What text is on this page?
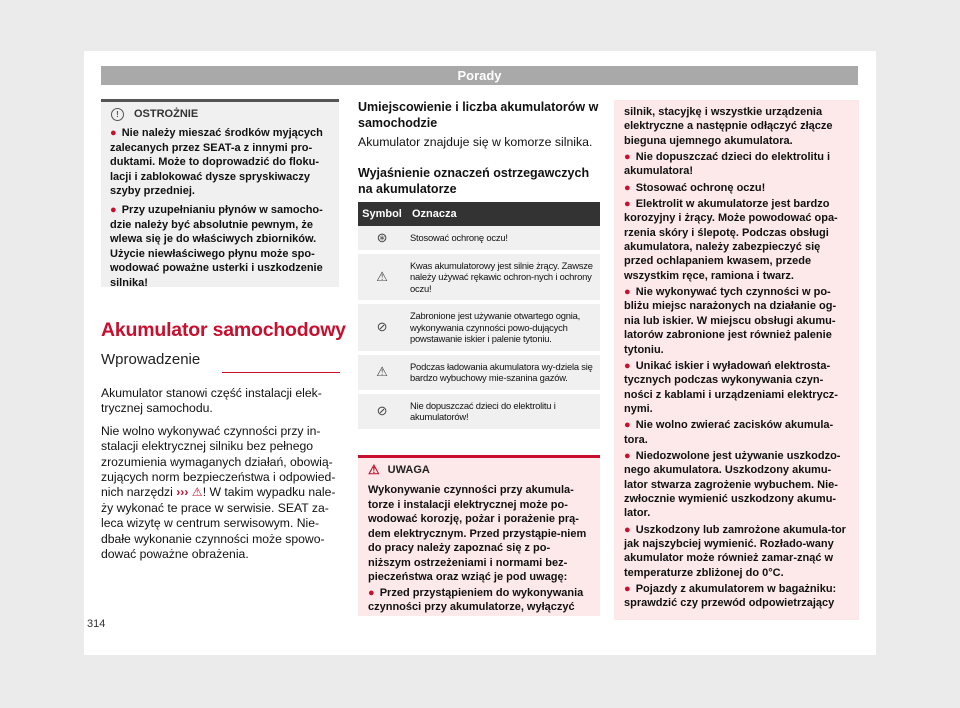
Porady
!	OSTROŻNIE

● Nie należy mieszać środków myjących zalecanych przez SEAT-a z innymi pro-duktami. Może to doprowadzić do floku-lacji i zablokować dysze spryskiwaczy szyby przedniej.

● Przy uzupełnianiu płynów w samocho-dzie należy być absolutnie pewnym, że wlewa się je do właściwych zbiorników. Użycie niewłaściwego płynu może spo-wodować poważne usterki i uszkodzenie silnika!

Akumulator samochodowy
Wprowadzenie

Akumulator stanowi część instalacji elek-trycznej samochodu.

Nie wolno wykonywać czynności przy in-stalacji elektrycznej silniku bez pełnego zrozumienia wymaganych działań, obowią-zujących norm bezpieczeństwa i odpowied-nich narzędzi ››› ⚠! W takim wypadku nale-ży wykonać te prace w serwisie. SEAT za-leca wizytę w centrum serwisowym. Nie-dbałe wykonanie czynności może spowo-dować poważne obrażenia.

Umiejscowienie i liczba akumulatorów w samochodzie
Akumulator znajduje się w komorze silnika.
Wyjaśnienie oznaczeń ostrzegawczych na akumulatorze
Symbol	Oznacza
⊛	Stosować ochronę oczu!
⚠	Kwas akumulatorowy jest silnie żrący. Zawsze należy używać rękawic ochron-nych i ochrony oczu!
⊘	Zabronione jest używanie otwartego ognia, wykonywania czynności powo-dujących powstawanie iskier i palenie tytoniu.
⚠	Podczas ładowania akumulatora wy-dziela się bardzo wybuchowy mie-szanina gazów.
⊘	Nie dopuszczać dzieci do elektrolitu i akumulatorów!
⚠ UWAGA

Wykonywanie czynności przy akumula-torze i instalacji elektrycznej może po-wodować korozję, pożar i porażenie prą-dem elektrycznym. Przed przystąpie-niem do pracy należy zapoznać się z po-niższym ostrzeżeniami i normami bez-pieczeństwa oraz wziąć je pod uwagę:

● Przed przystąpieniem do wykonywania czynności przy akumulatorze, wyłączyć

silnik, stacyjkę i wszystkie urządzenia elektryczne a następnie odłączyć złącze bieguna ujemnego akumulatora.

● Nie dopuszczać dzieci do elektrolitu i akumulatora!

● Stosować ochronę oczu!

● Elektrolit w akumulatorze jest bardzo korozyjny i żrący. Może powodować opa-rzenia skóry i ślepotę. Podczas obsługi akumulatora, należy zabezpieczyć się przed ochlapaniem kwasem, przede wszystkim ręce, ramiona i twarz.

● Nie wykonywać tych czynności w po-bliżu miejsc narażonych na działanie og-nia lub iskier. W miejscu obsługi akumu-latorów zabronione jest również palenie tytoniu.

● Unikać iskier i wyładowań elektrosta-tycznych podczas wykonywania czyn-ności z kablami i urządzeniami elektrycz-nymi.

● Nie wolno zwierać zacisków akumula-tora.

● Niedozwolone jest używanie uszkodzo-nego akumulatora. Uszkodzony akumu-lator stwarza zagrożenie wybuchem. Nie-zwłocznie wymienić uszkodzony akumu-lator.

● Uszkodzony lub zamrożone akumula-tor jak najszybciej wymienić. Rozłado-wany akumulator może również zamar-znąć w temperaturze zbliżonej do 0°C.

● Pojazdy z akumulatorem w bagażniku: sprawdzić czy przewód odpowietrzający

314
